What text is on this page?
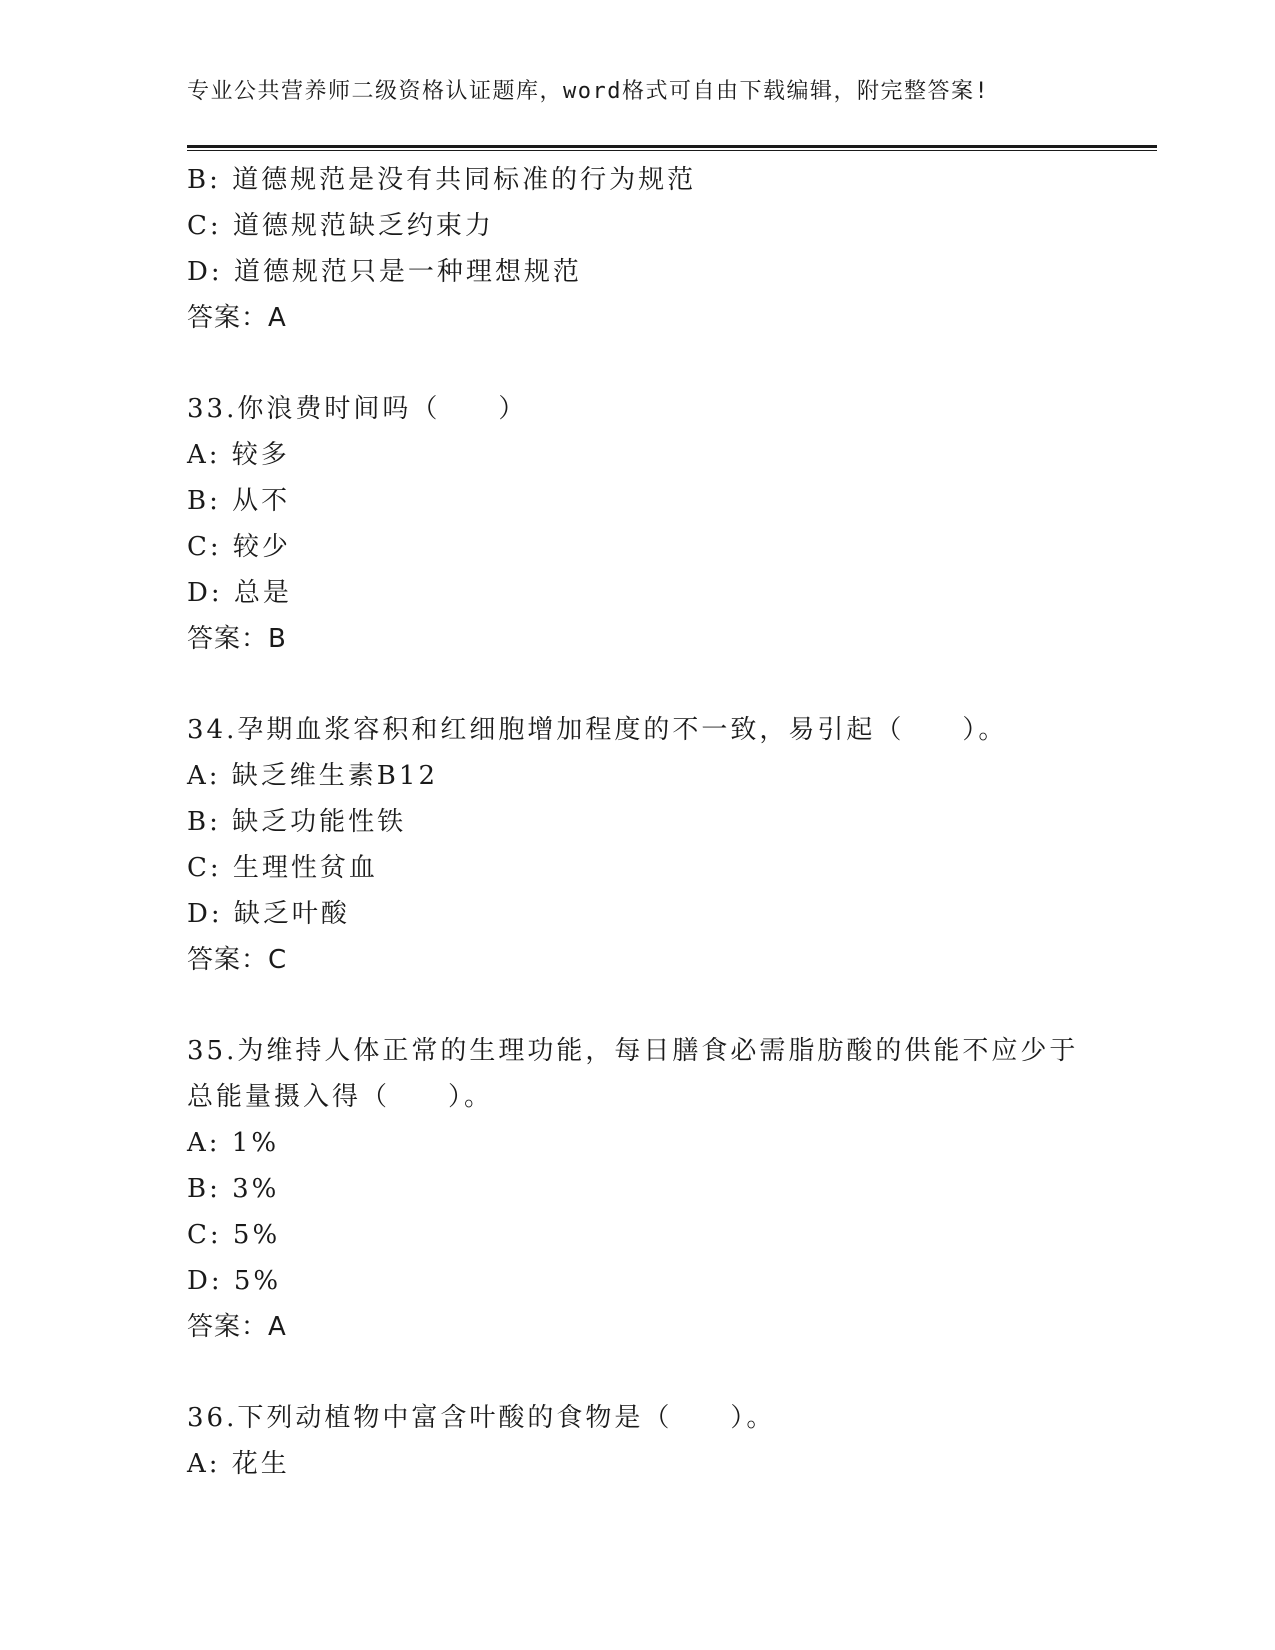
专业公共营养师二级资格认证题库，word格式可自由下载编辑，附完整答案!
B: 道德规范是没有共同标准的行为规范
C: 道德规范缺乏约束力
D: 道德规范只是一种理想规范
答案：A
33.你浪费时间吗（　　）
A: 较多
B: 从不
C: 较少
D: 总是
答案：B
34.孕期血浆容积和红细胞增加程度的不一致，易引起（　　）。
A: 缺乏维生素B12
B: 缺乏功能性铁
C: 生理性贫血
D: 缺乏叶酸
答案：C
35.为维持人体正常的生理功能，每日膳食必需脂肪酸的供能不应少于
总能量摄入得（　　）。
A: 1%
B: 3%
C: 5%
D: 5%
答案：A
36.下列动植物中富含叶酸的食物是（　　）。
A: 花生
